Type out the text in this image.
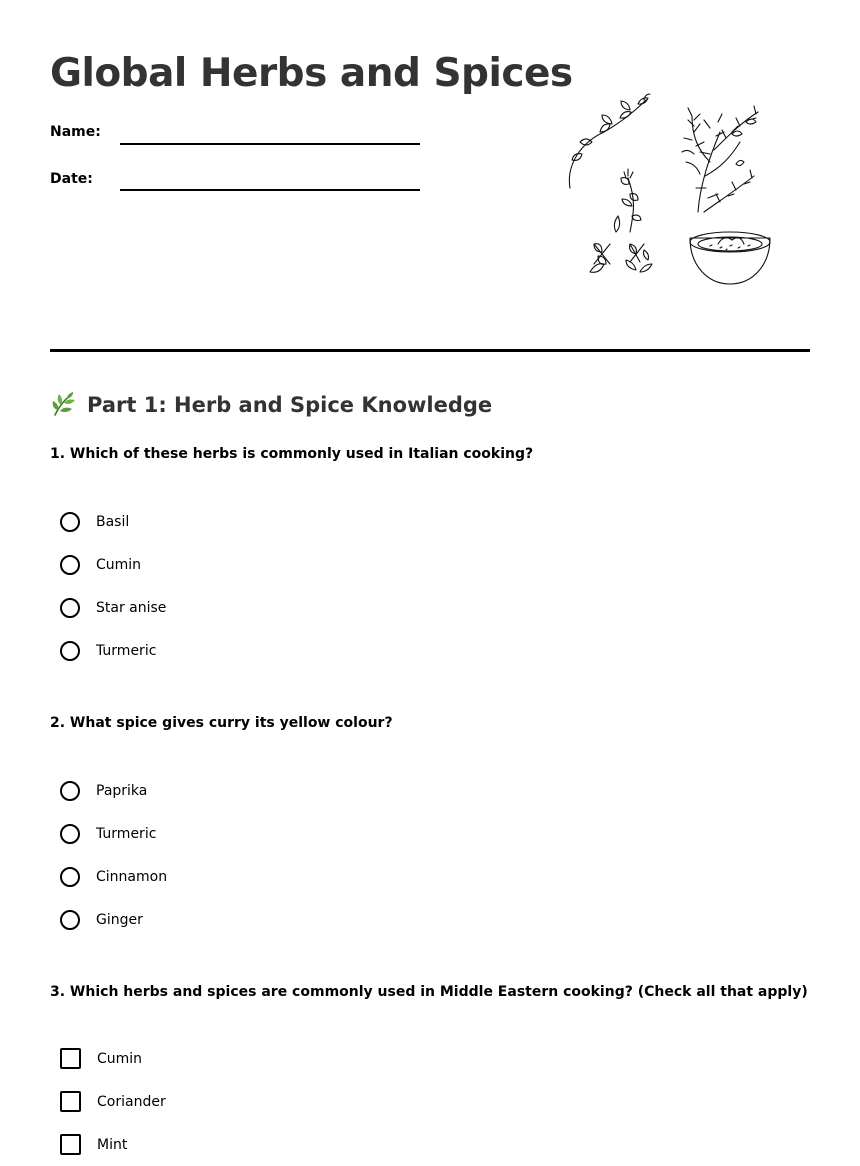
Global Herbs and Spices
Name:
Date:
Part 1: Herb and Spice Knowledge

1. Which of these herbs is commonly used in Italian cooking?

Basil
Cumin
Star anise
Turmeric

2. What spice gives curry its yellow colour?

Paprika
Turmeric
Cinnamon
Ginger

3. Which herbs and spices are commonly used in Middle Eastern cooking? (Check all that apply)

Cumin
Coriander
Mint
